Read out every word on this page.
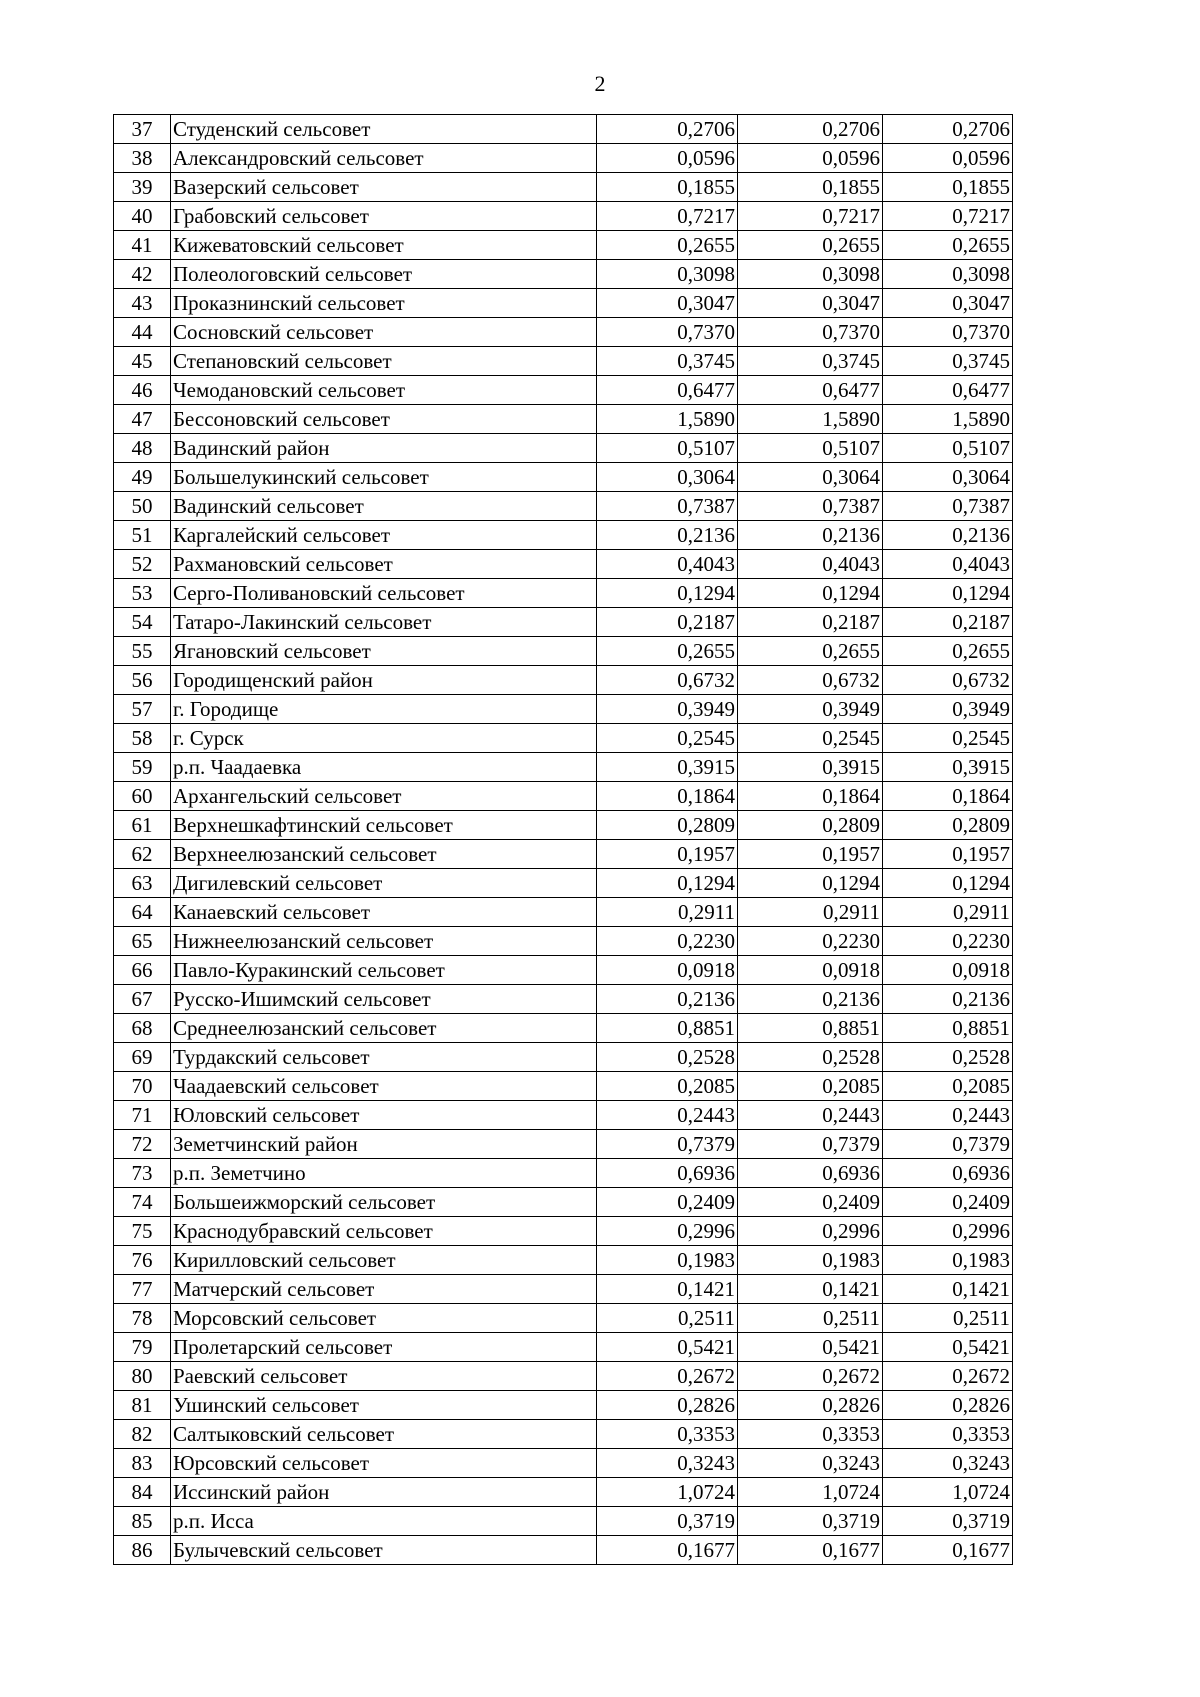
2
37	Студенский сельсовет	0,2706	0,2706	0,2706
38	Александровский сельсовет	0,0596	0,0596	0,0596
39	Вазерский сельсовет	0,1855	0,1855	0,1855
40	Грабовский сельсовет	0,7217	0,7217	0,7217
41	Кижеватовский сельсовет	0,2655	0,2655	0,2655
42	Полеологовский сельсовет	0,3098	0,3098	0,3098
43	Проказнинский сельсовет	0,3047	0,3047	0,3047
44	Сосновский сельсовет	0,7370	0,7370	0,7370
45	Степановский сельсовет	0,3745	0,3745	0,3745
46	Чемодановский сельсовет	0,6477	0,6477	0,6477
47	Бессоновский сельсовет	1,5890	1,5890	1,5890
48	Вадинский район	0,5107	0,5107	0,5107
49	Большелукинский сельсовет	0,3064	0,3064	0,3064
50	Вадинский сельсовет	0,7387	0,7387	0,7387
51	Каргалейский сельсовет	0,2136	0,2136	0,2136
52	Рахмановский сельсовет	0,4043	0,4043	0,4043
53	Серго-Поливановский сельсовет	0,1294	0,1294	0,1294
54	Татаро-Лакинский сельсовет	0,2187	0,2187	0,2187
55	Ягановский сельсовет	0,2655	0,2655	0,2655
56	Городищенский район	0,6732	0,6732	0,6732
57	г. Городище	0,3949	0,3949	0,3949
58	г. Сурск	0,2545	0,2545	0,2545
59	р.п. Чаадаевка	0,3915	0,3915	0,3915
60	Архангельский сельсовет	0,1864	0,1864	0,1864
61	Верхнешкафтинский сельсовет	0,2809	0,2809	0,2809
62	Верхнеелюзанский сельсовет	0,1957	0,1957	0,1957
63	Дигилевский сельсовет	0,1294	0,1294	0,1294
64	Канаевский сельсовет	0,2911	0,2911	0,2911
65	Нижнеелюзанский сельсовет	0,2230	0,2230	0,2230
66	Павло-Куракинский сельсовет	0,0918	0,0918	0,0918
67	Русско-Ишимский сельсовет	0,2136	0,2136	0,2136
68	Среднеелюзанский сельсовет	0,8851	0,8851	0,8851
69	Турдакский сельсовет	0,2528	0,2528	0,2528
70	Чаадаевский сельсовет	0,2085	0,2085	0,2085
71	Юловский сельсовет	0,2443	0,2443	0,2443
72	Земетчинский район	0,7379	0,7379	0,7379
73	р.п. Земетчино	0,6936	0,6936	0,6936
74	Большеижморский сельсовет	0,2409	0,2409	0,2409
75	Краснодубравский сельсовет	0,2996	0,2996	0,2996
76	Кирилловский сельсовет	0,1983	0,1983	0,1983
77	Матчерский сельсовет	0,1421	0,1421	0,1421
78	Морсовский сельсовет	0,2511	0,2511	0,2511
79	Пролетарский сельсовет	0,5421	0,5421	0,5421
80	Раевский сельсовет	0,2672	0,2672	0,2672
81	Ушинский сельсовет	0,2826	0,2826	0,2826
82	Салтыковский сельсовет	0,3353	0,3353	0,3353
83	Юрсовский сельсовет	0,3243	0,3243	0,3243
84	Иссинский район	1,0724	1,0724	1,0724
85	р.п. Исса	0,3719	0,3719	0,3719
86	Булычевский сельсовет	0,1677	0,1677	0,1677
